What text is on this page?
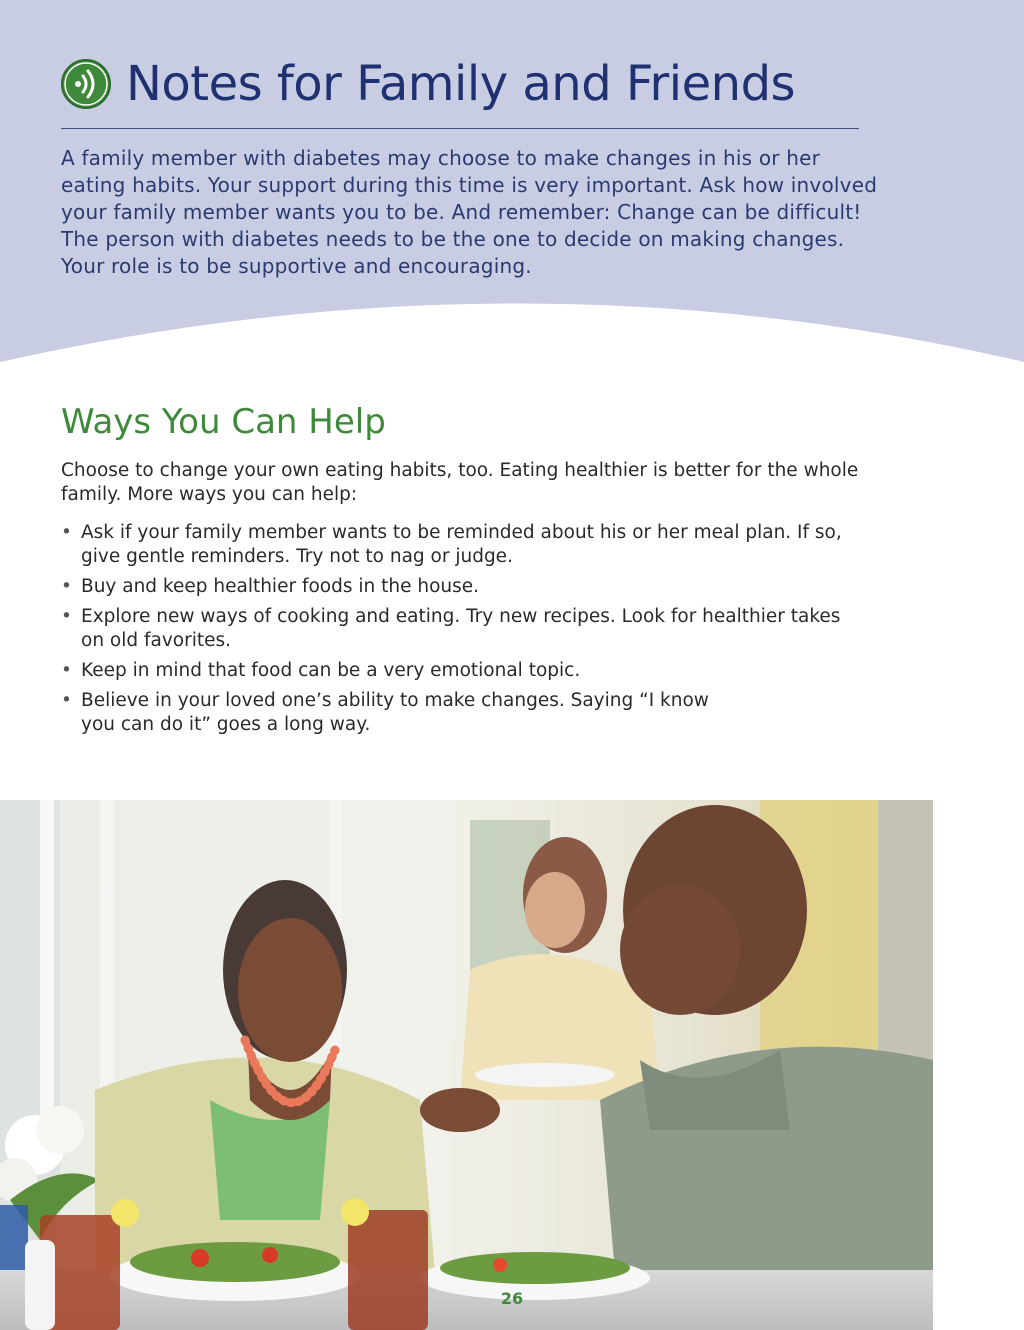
Notes for Family and Friends

A family member with diabetes may choose to make changes in his or her
eating habits. Your support during this time is very important. Ask how involved
your family member wants you to be. And remember: Change can be difficult!
The person with diabetes needs to be the one to decide on making changes.
Your role is to be supportive and encouraging.

Ways You Can Help

Choose to change your own eating habits, too. Eating healthier is better for the whole
family. More ways you can help:

• Ask if your family member wants to be reminded about his or her meal plan. If so,
give gentle reminders. Try not to nag or judge.
• Buy and keep healthier foods in the house.
• Explore new ways of cooking and eating. Try new recipes. Look for healthier takes
on old favorites.
• Keep in mind that food can be a very emotional topic.
• Believe in your loved one’s ability to make changes. Saying “I know
you can do it” goes a long way.
26
